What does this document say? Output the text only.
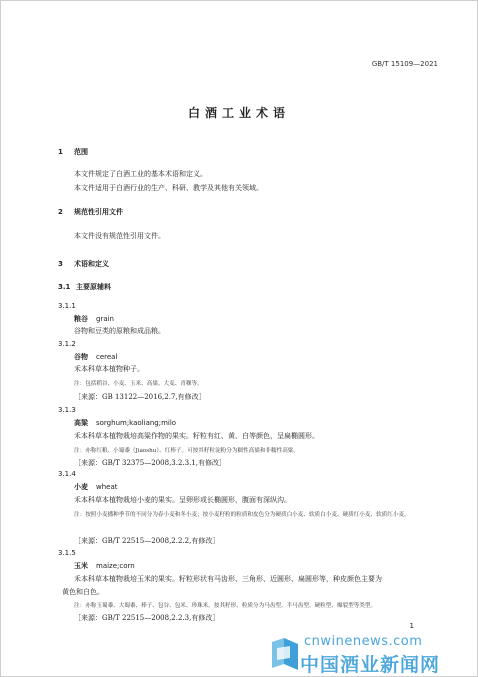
GB/T 15109—2021
白酒工业术语
1 范围
本文件规定了白酒工业的基本术语和定义。
本文件适用于白酒行业的生产、科研、教学及其他有关领域。
2 规范性引用文件
本文件没有规范性引用文件。
3 术语和定义
3.1 主要原辅料
3.1.1
粮谷 grain
谷物和豆类的原粮和成品粮。
3.1.2
谷物 cereal
禾本科草本植物种子。
注：包括稻谷、小麦、玉米、高粱、大麦、青稞等。
［来源：GB 13122—2016,2.7,有修改］
3.1.3
高粱 sorghum;kaoliang;milo
禾本科草本植物栽培高粱作物的果实。籽粒有红、黄、白等颜色，呈扁椭圆形。
注：亦称红粮、小蜀黍（Jiaoshu）、红棒子。可按其籽粒淀粉分为糯性高粱和非糯性高粱。
［来源：GB/T 32375—2008,3.2.3.1,有修改］
3.1.4
小麦 wheat
禾本科草本植物栽培小麦的果实。呈卵形或长椭圆形，腹面有深纵沟。
注：按照小麦播种季节的不同分为春小麦和冬小麦；按小麦籽粒的粒质和皮色分为硬质白小麦、软质白小麦、硬质红小麦、软质红小麦。
［来源：GB/T 22515—2008,2.2.2,有修改］
3.1.5
玉米 maize;corn
禾本科草本植物栽培玉米的果实。籽粒形状有马齿形、三角形、近圆形、扁圆形等，种皮颜色主要为
黄色和白色。
注：亦称玉蜀黍、大蜀黍、棒子、包谷、包米、珍珠米。按其籽形、粒质分为马齿型、半马齿型、硬粒型、爆裂型等类型。
［来源：GB/T 22515—2008,2.2.3,有修改］
1
cnwinenews.com
中国酒业新闻网
